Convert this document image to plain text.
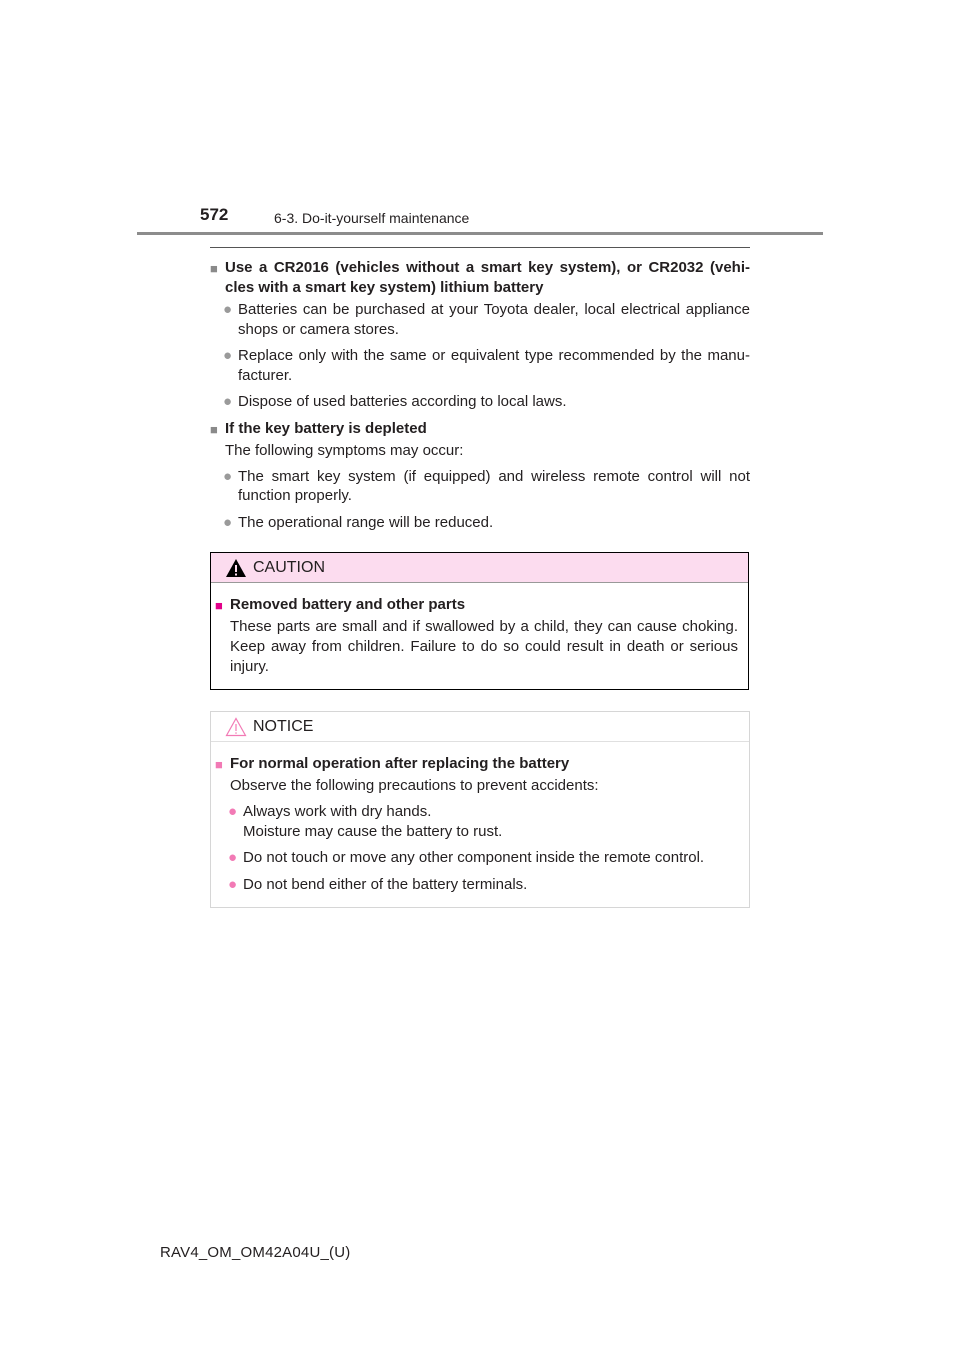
572	6-3. Do-it-yourself maintenance
■ Use a CR2016 (vehicles without a smart key system), or CR2032 (vehi- cles with a smart key system) lithium battery
● Batteries can be purchased at your Toyota dealer, local electrical appliance shops or camera stores.
● Replace only with the same or equivalent type recommended by the manu- facturer.
● Dispose of used batteries according to local laws.
■ If the key battery is depleted
The following symptoms may occur:
● The smart key system (if equipped) and wireless remote control will not function properly.
● The operational range will be reduced.
CAUTION
■ Removed battery and other parts
These parts are small and if swallowed by a child, they can cause choking. Keep away from children. Failure to do so could result in death or serious injury.
NOTICE
■ For normal operation after replacing the battery
Observe the following precautions to prevent accidents:
● Always work with dry hands.
Moisture may cause the battery to rust.
● Do not touch or move any other component inside the remote control.
● Do not bend either of the battery terminals.
RAV4_OM_OM42A04U_(U)
